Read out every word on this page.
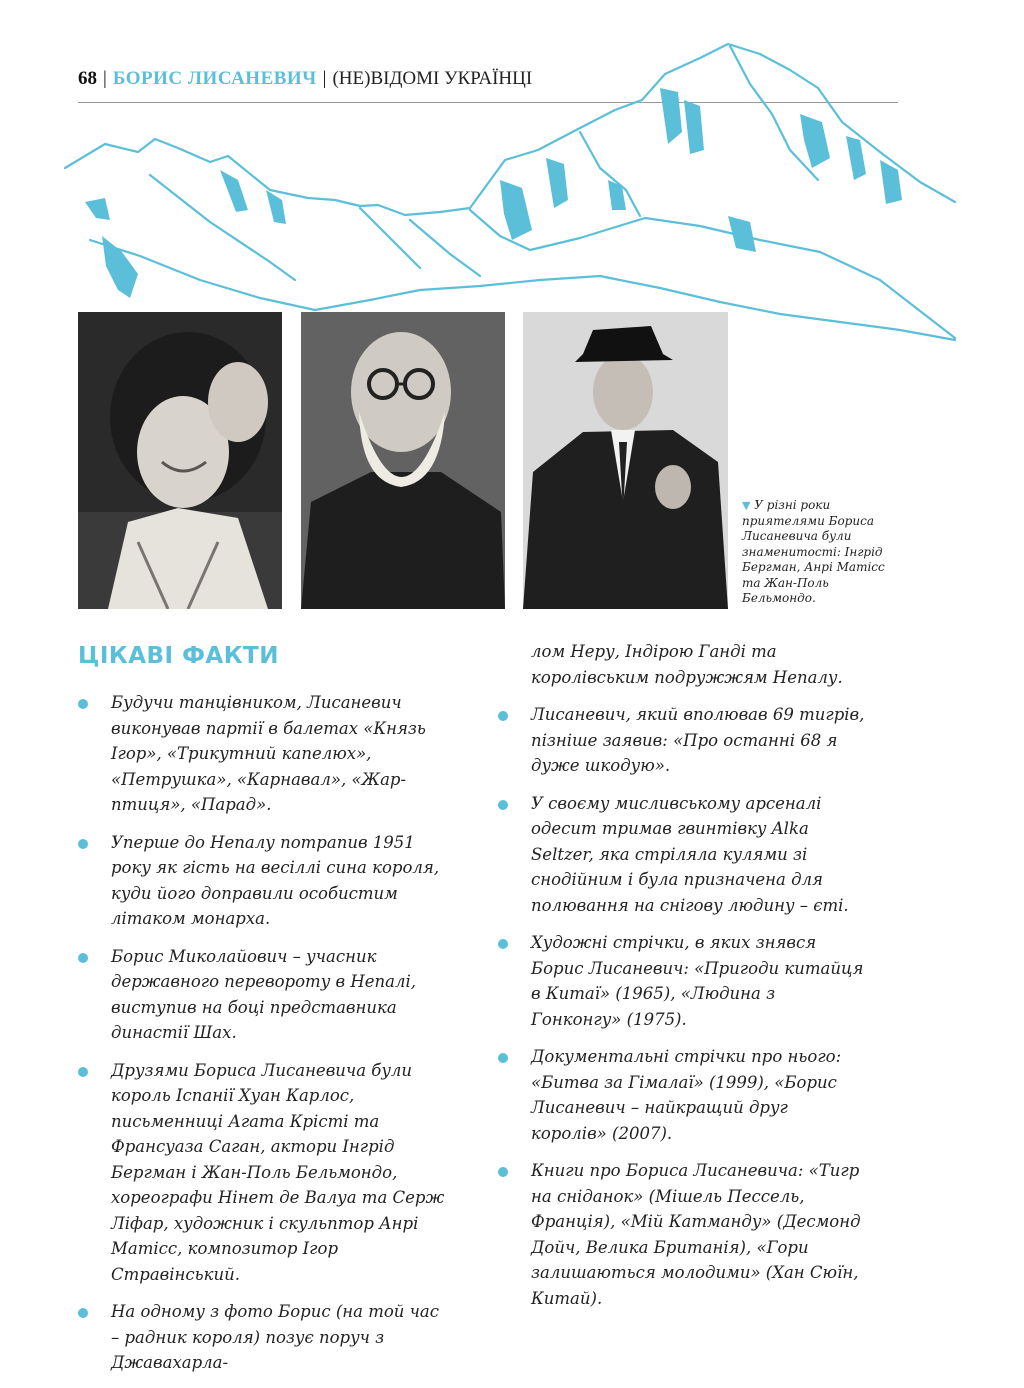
68 | БОРИС ЛИСАНЕВИЧ | (НЕ)ВІДОМІ УКРАЇНЦІ
▼ У різні роки приятелями Бориса Лисаневича були знаменитості: Інгрід Бергман, Анрі Матісс та Жан-Поль Бельмондо.
ЦІКАВІ ФАКТИ
Будучи танцівником, Лисаневич виконував партії в балетах «Князь Ігор», «Трикутний капелюх», «Петрушка», «Карнавал», «Жар-птиця», «Парад».
Уперше до Непалу потрапив 1951 року як гість на весіллі сина короля, куди його доправили особистим літаком монарха.
Борис Миколайович – учасник державного перевороту в Непалі, виступив на боці представника династії Шах.
Друзями Бориса Лисаневича були король Іспанії Хуан Карлос, письменниці Агата Крісті та Франсуаза Саган, актори Інгрід Бергман і Жан-Поль Бельмондо, хореографи Нінет де Валуа та Серж Ліфар, художник і скульптор Анрі Матісс, композитор Ігор Стравінський.
На одному з фото Борис (на той час – радник короля) позує поруч з Джавахарла-
лом Неру, Індірою Ганді та королівським подружжям Непалу.
Лисаневич, який вполював 69 тигрів, пізніше заявив: «Про останні 68 я дуже шкодую».
У своєму мисливському арсеналі одесит тримав гвинтівку Alka Seltzer, яка стріляла кулями зі снодійним і була призначена для полювання на снігову людину – єті.
Художні стрічки, в яких знявся Борис Лисаневич: «Пригоди китайця в Китаї» (1965), «Людина з Гонконгу» (1975).
Документальні стрічки про нього: «Битва за Гімалаї» (1999), «Борис Лисаневич – найкращий друг королів» (2007).
Книги про Бориса Лисаневича: «Тигр на сніданок» (Мішель Пессель, Франція), «Мій Катманду» (Десмонд Дойч, Велика Британія), «Гори залишаються молодими» (Хан Сюїн, Китай).
